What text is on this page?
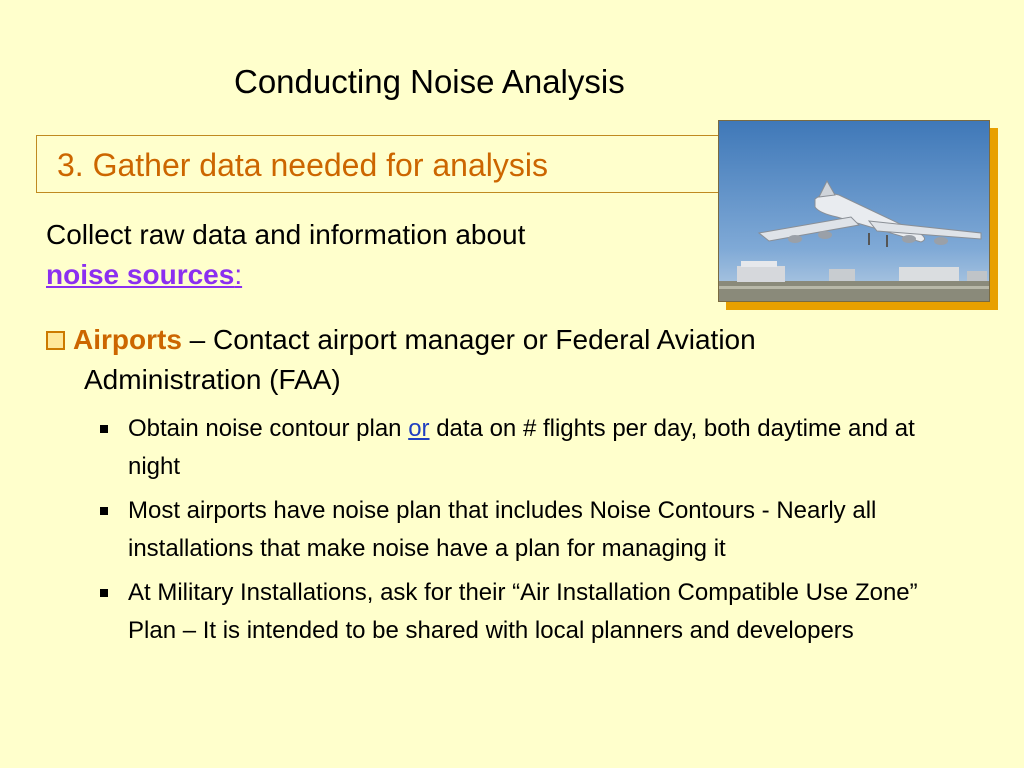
Conducting Noise Analysis
3. Gather data needed for analysis
Collect raw data and information about
noise sources:
Airports – Contact airport manager or Federal Aviation
Administration (FAA)
Obtain noise contour plan or data on # flights per day, both daytime and at night
Most airports have noise plan that includes Noise Contours - Nearly all installations that make noise have a plan for managing it
At Military Installations, ask for their “Air Installation Compatible Use Zone” Plan – It is intended to be shared with local planners and developers
